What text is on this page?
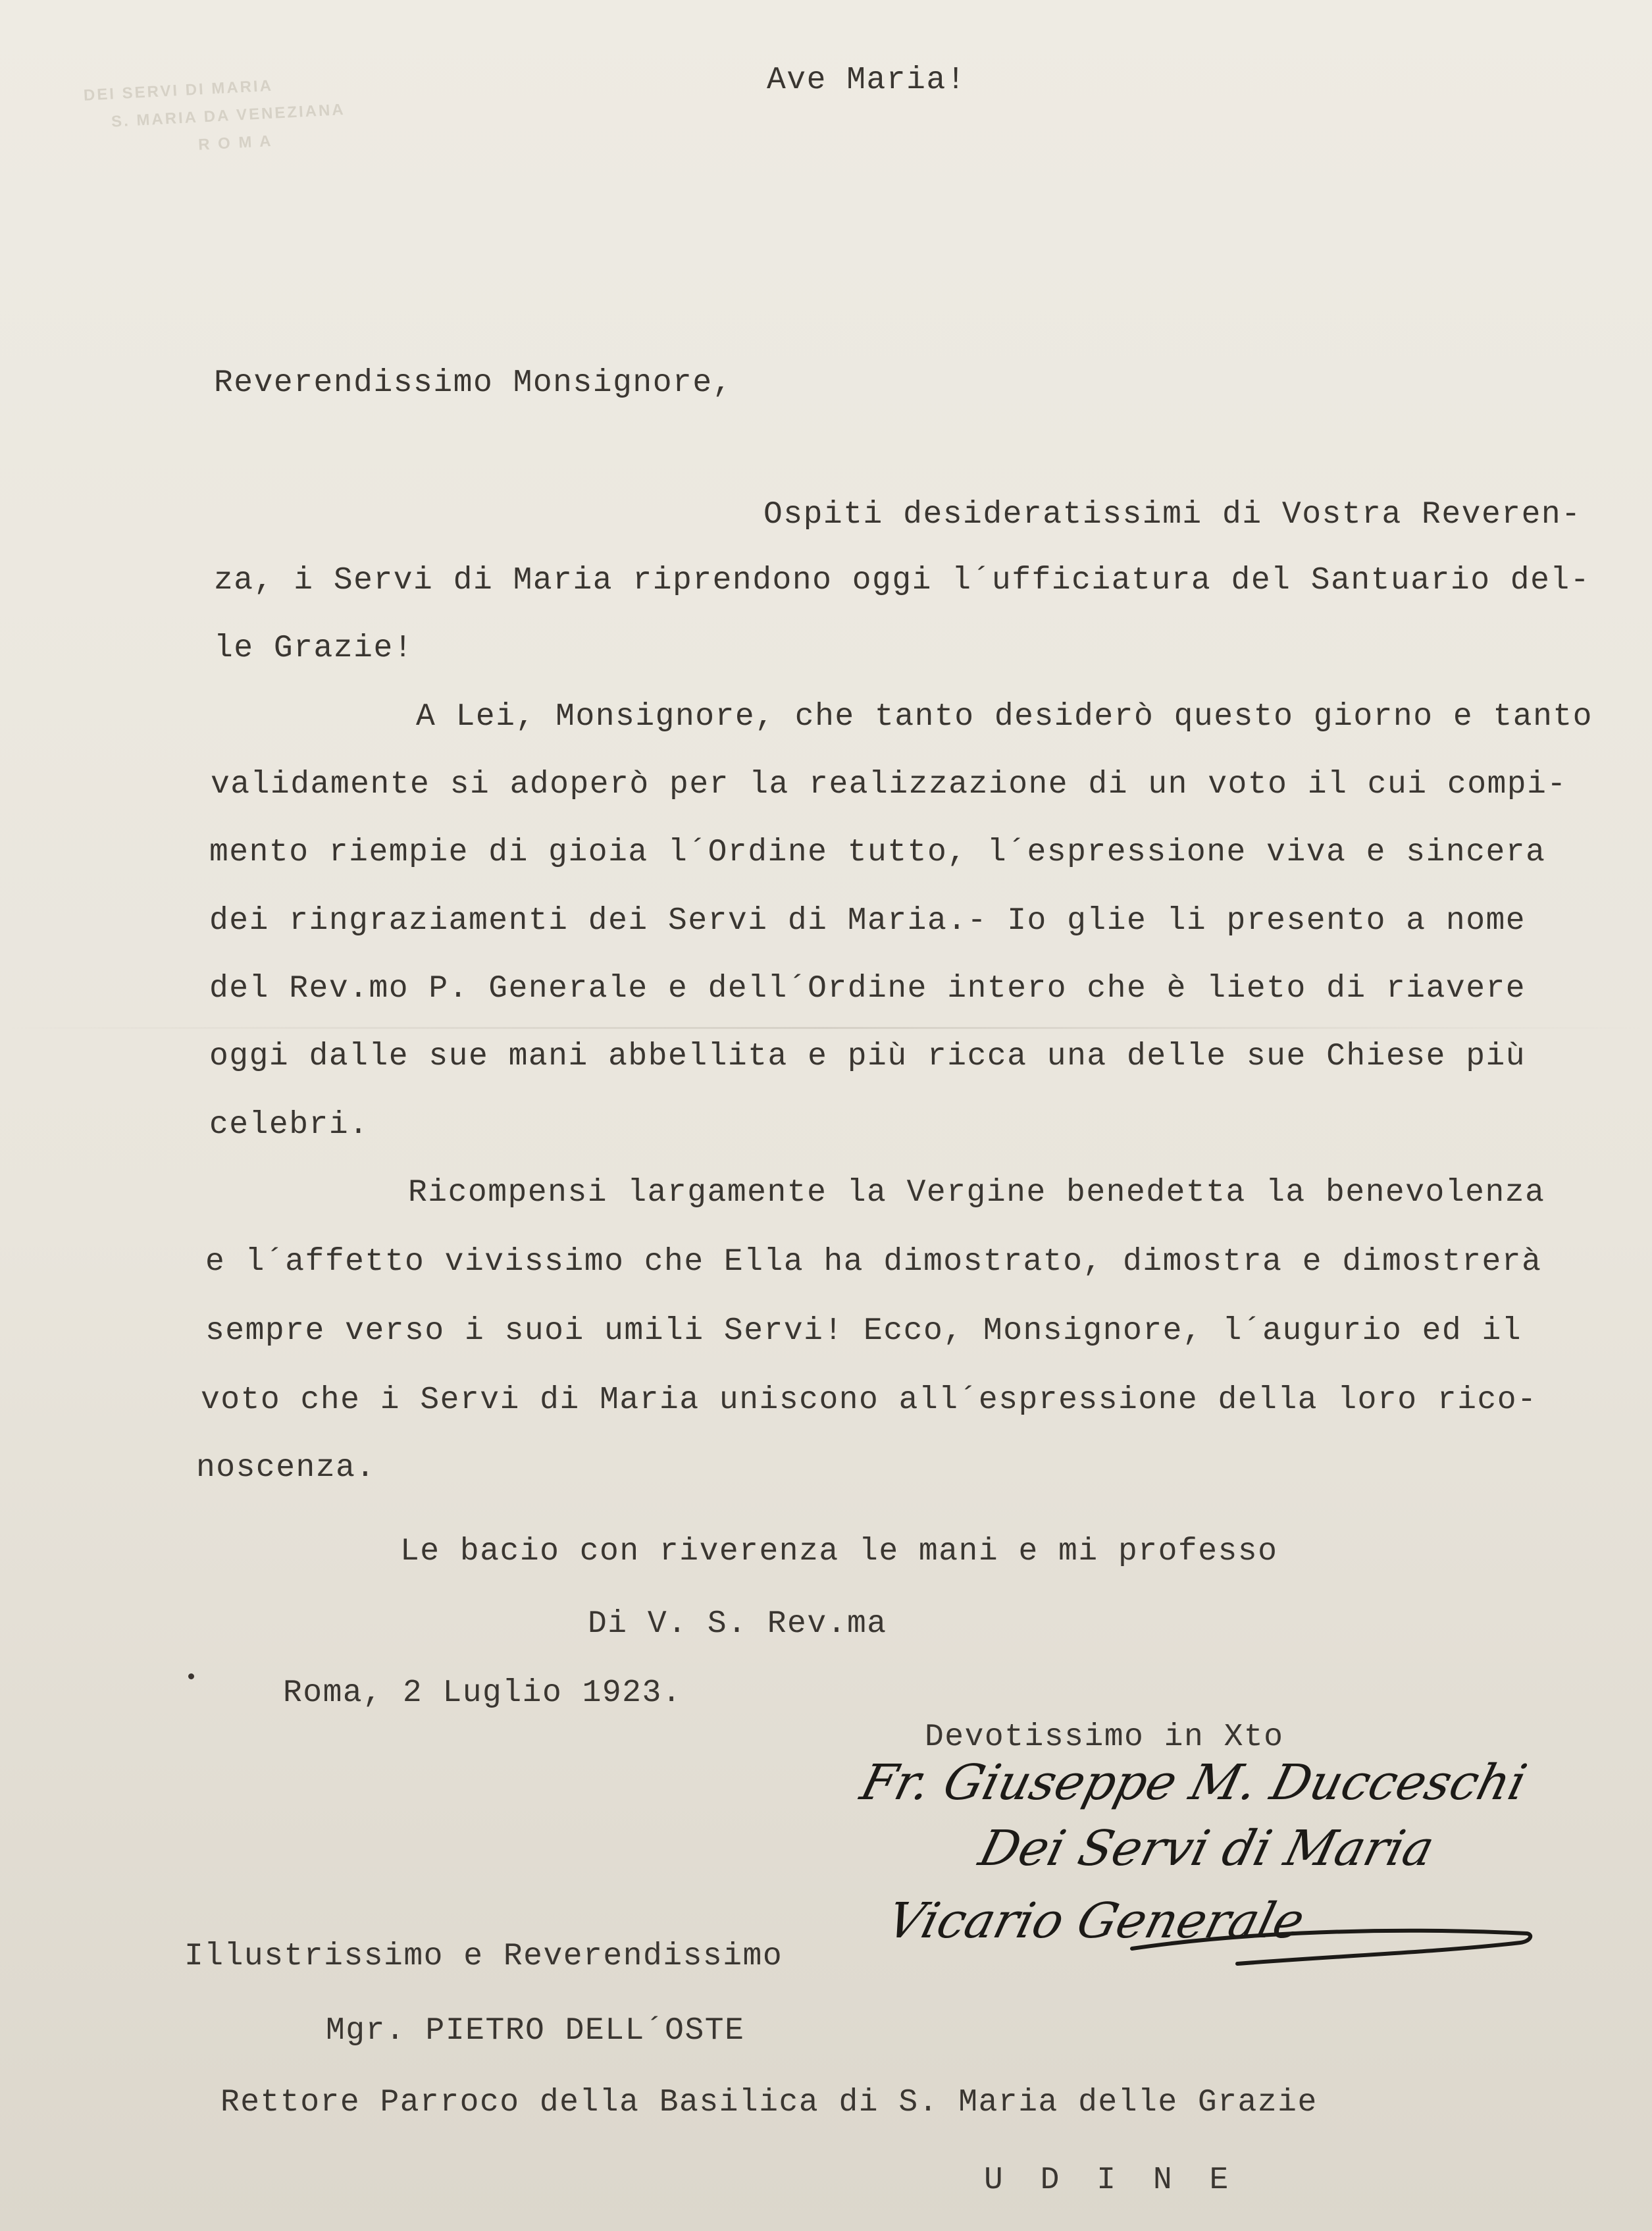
DEI SERVI DI MARIA
S. MARIA DA VENEZIANA
R O M A
Ave Maria!
Reverendissimo Monsignore,
Ospiti desideratissimi di Vostra Reveren-
za, i Servi di Maria riprendono oggi l´ufficiatura del Santuario del-
le Grazie!
A Lei, Monsignore, che tanto desiderò questo giorno e tanto
validamente si adoperò per la realizzazione di un voto il cui compi-
mento riempie di gioia l´Ordine tutto, l´espressione viva e sincera
dei ringraziamenti dei Servi di Maria.- Io glie li presento a nome
del Rev.mo P. Generale e dell´Ordine intero che è lieto di riavere
oggi dalle sue mani abbellita e più ricca una delle sue Chiese più
celebri.
Ricompensi largamente la Vergine benedetta la benevolenza
e l´affetto vivissimo che Ella ha dimostrato, dimostra e dimostrerà
sempre verso i suoi umili Servi! Ecco, Monsignore, l´augurio ed il
voto che i Servi di Maria uniscono all´espressione della loro rico-
noscenza.
Le bacio con riverenza le mani e mi professo
Di V. S. Rev.ma
Roma, 2 Luglio 1923.
Devotissimo in Xto
Fr. Giuseppe M. Ducceschi
Dei Servi di Maria
Vicario Generale
Illustrissimo e Reverendissimo
Mgr. PIETRO DELL´OSTE
Rettore Parroco della Basilica di S. Maria delle Grazie
U D I N E
